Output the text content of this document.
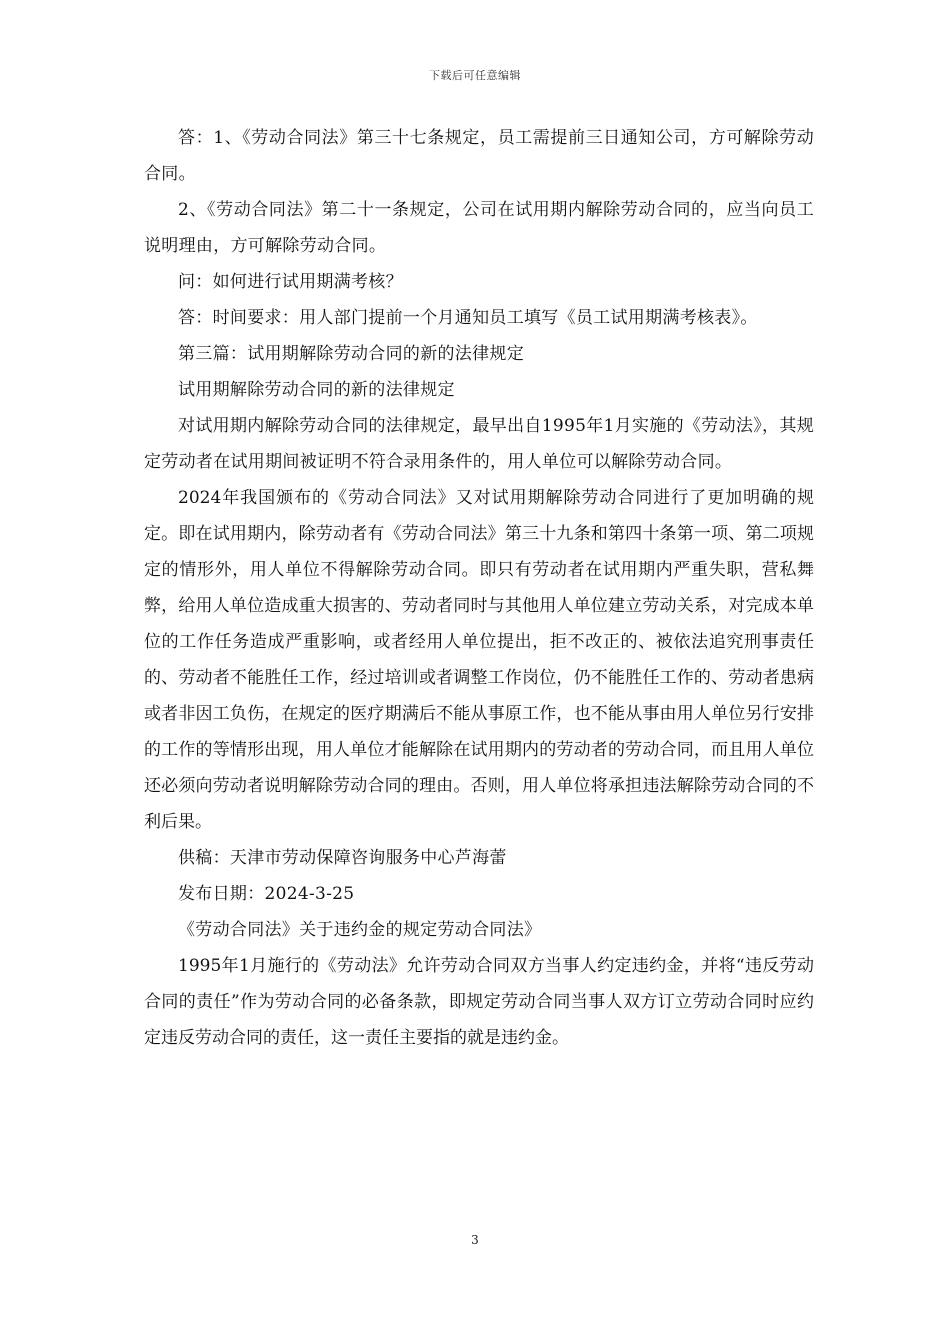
下载后可任意编辑

答：1、《劳动合同法》第三十七条规定，员工需提前三日通知公司，方可解除劳动合同。

2、《劳动合同法》第二十一条规定，公司在试用期内解除劳动合同的，应当向员工说明理由，方可解除劳动合同。

问：如何进行试用期满考核？

答：时间要求：用人部门提前一个月通知员工填写《员工试用期满考核表》。

第三篇：试用期解除劳动合同的新的法律规定

试用期解除劳动合同的新的法律规定

对试用期内解除劳动合同的法律规定，最早出自1995年1月实施的《劳动法》，其规定劳动者在试用期间被证明不符合录用条件的，用人单位可以解除劳动合同。

2024年我国颁布的《劳动合同法》又对试用期解除劳动合同进行了更加明确的规定。即在试用期内，除劳动者有《劳动合同法》第三十九条和第四十条第一项、第二项规定的情形外，用人单位不得解除劳动合同。即只有劳动者在试用期内严重失职，营私舞弊，给用人单位造成重大损害的、劳动者同时与其他用人单位建立劳动关系，对完成本单位的工作任务造成严重影响，或者经用人单位提出，拒不改正的、被依法追究刑事责任的、劳动者不能胜任工作，经过培训或者调整工作岗位，仍不能胜任工作的、劳动者患病或者非因工负伤，在规定的医疗期满后不能从事原工作，也不能从事由用人单位另行安排的工作的等情形出现，用人单位才能解除在试用期内的劳动者的劳动合同，而且用人单位还必须向劳动者说明解除劳动合同的理由。否则，用人单位将承担违法解除劳动合同的不利后果。

供稿：天津市劳动保障咨询服务中心芦海蕾

发布日期：2024-3-25

《劳动合同法》关于违约金的规定劳动合同法》

1995年1月施行的《劳动法》允许劳动合同双方当事人约定违约金，并将“违反劳动合同的责任”作为劳动合同的必备条款，即规定劳动合同当事人双方订立劳动合同时应约定违反劳动合同的责任，这一责任主要指的就是违约金。

3
